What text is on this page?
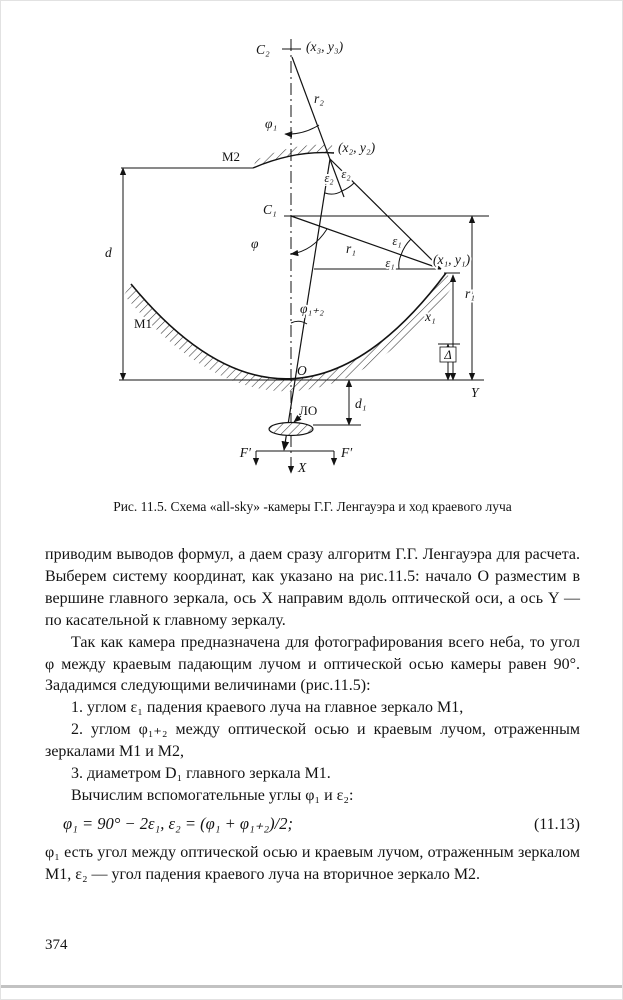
C₂	(x₃, y₃)
r₂
φ₁
М2
(x₂, y₂)
ε₂ ε₂
C₁
d
φ	r₁	ε₁
ε₁	(x₁, y₁)
φ₁₊₂
М1	x₁
r₁
Δ
O
Y
d₁
ЛО
F′	F′
X
Рис. 11.5. Схема «all-sky» -камеры Г.Г. Ленгауэра и ход краевого луча

приводим выводов формул, а даем сразу алгоритм Г.Г. Ленгауэра для расчета. Выберем систему координат, как указано на рис.11.5: начало O разместим в вершине главного зеркала, ось X направим вдоль оптической оси, а ось Y — по касательной к главному зеркалу.

Так как камера предназначена для фотографирования всего неба, то угол φ между краевым падающим лучом и оптической осью камеры равен 90°. Зададимся следующими величинами (рис.11.5):

1. углом ε₁ падения краевого луча на главное зеркало М1,

2. углом φ₁₊₂ между оптической осью и краевым лучом, отраженным зеркалами М1 и М2,

3. диаметром D₁ главного зеркала М1.

Вычислим вспомогательные углы φ₁ и ε₂:

φ₁ = 90° − 2ε₁, ε₂ = (φ₁ + φ₁₊₂)/2;	(11.13)

φ₁ есть угол между оптической осью и краевым лучом, отраженным зеркалом М1, ε₂ — угол падения краевого луча на вторичное зеркало М2.

374
